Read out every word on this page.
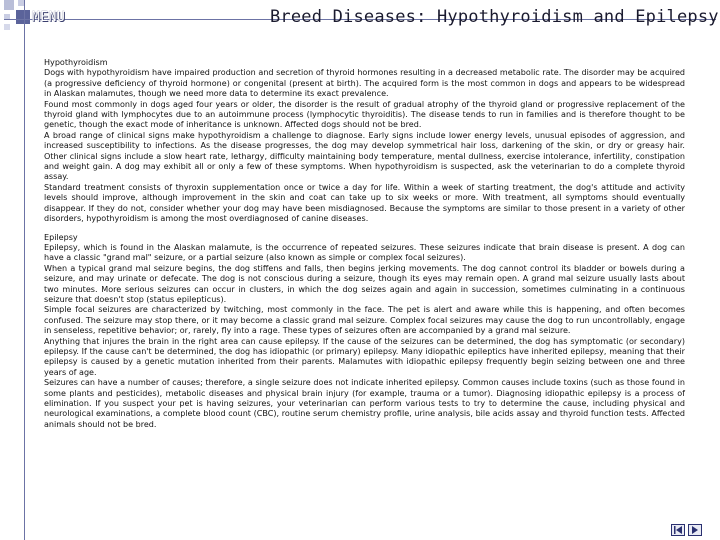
MENU	Breed Diseases: Hypothyroidism and Epilepsy

Hypothyroidism

Dogs with hypothyroidism have impaired production and secretion of thyroid hormones resulting in a decreased metabolic rate. The disorder may be acquired (a progressive deficiency of thyroid hormone) or congenital (present at birth). The acquired form is the most common in dogs and appears to be widespread in Alaskan malamutes, though we need more data to determine its exact prevalence.

Found most commonly in dogs aged four years or older, the disorder is the result of gradual atrophy of the thyroid gland or progressive replacement of the thyroid gland with lymphocytes due to an autoimmune process (lymphocytic thyroiditis). The disease tends to run in families and is therefore thought to be genetic, though the exact mode of inheritance is unknown. Affected dogs should not be bred.

A broad range of clinical signs make hypothyroidism a challenge to diagnose. Early signs include lower energy levels, unusual episodes of aggression, and increased susceptibility to infections. As the disease progresses, the dog may develop symmetrical hair loss, darkening of the skin, or dry or greasy hair. Other clinical signs include a slow heart rate, lethargy, difficulty maintaining body temperature, mental dullness, exercise intolerance, infertility, constipation and weight gain. A dog may exhibit all or only a few of these symptoms. When hypothyroidism is suspected, ask the veterinarian to do a complete thyroid assay.

Standard treatment consists of thyroxin supplementation once or twice a day for life. Within a week of starting treatment, the dog's attitude and activity levels should improve, although improvement in the skin and coat can take up to six weeks or more. With treatment, all symptoms should eventually disappear. If they do not, consider whether your dog may have been misdiagnosed. Because the symptoms are similar to those present in a variety of other disorders, hypothyroidism is among the most overdiagnosed of canine diseases.

Epilepsy

Epilepsy, which is found in the Alaskan malamute, is the occurrence of repeated seizures. These seizures indicate that brain disease is present. A dog can have a classic "grand mal" seizure, or a partial seizure (also known as simple or complex focal seizures).

When a typical grand mal seizure begins, the dog stiffens and falls, then begins jerking movements. The dog cannot control its bladder or bowels during a seizure, and may urinate or defecate. The dog is not conscious during a seizure, though its eyes may remain open. A grand mal seizure usually lasts about two minutes. More serious seizures can occur in clusters, in which the dog seizes again and again in succession, sometimes culminating in a continuous seizure that doesn't stop (status epilepticus).

Simple focal seizures are characterized by twitching, most commonly in the face. The pet is alert and aware while this is happening, and often becomes confused. The seizure may stop there, or it may become a classic grand mal seizure. Complex focal seizures may cause the dog to run uncontrollably, engage in senseless, repetitive behavior; or, rarely, fly into a rage. These types of seizures often are accompanied by a grand mal seizure.

Anything that injures the brain in the right area can cause epilepsy. If the cause of the seizures can be determined, the dog has symptomatic (or secondary) epilepsy. If the cause can't be determined, the dog has idiopathic (or primary) epilepsy. Many idiopathic epileptics have inherited epilepsy, meaning that their epilepsy is caused by a genetic mutation inherited from their parents. Malamutes with idiopathic epilepsy frequently begin seizing between one and three years of age.

Seizures can have a number of causes; therefore, a single seizure does not indicate inherited epilepsy. Common causes include toxins (such as those found in some plants and pesticides), metabolic diseases and physical brain injury (for example, trauma or a tumor). Diagnosing idiopathic epilepsy is a process of elimination. If you suspect your pet is having seizures, your veterinarian can perform various tests to try to determine the cause, including physical and neurological examinations, a complete blood count (CBC), routine serum chemistry profile, urine analysis, bile acids assay and thyroid function tests. Affected animals should not be bred.
